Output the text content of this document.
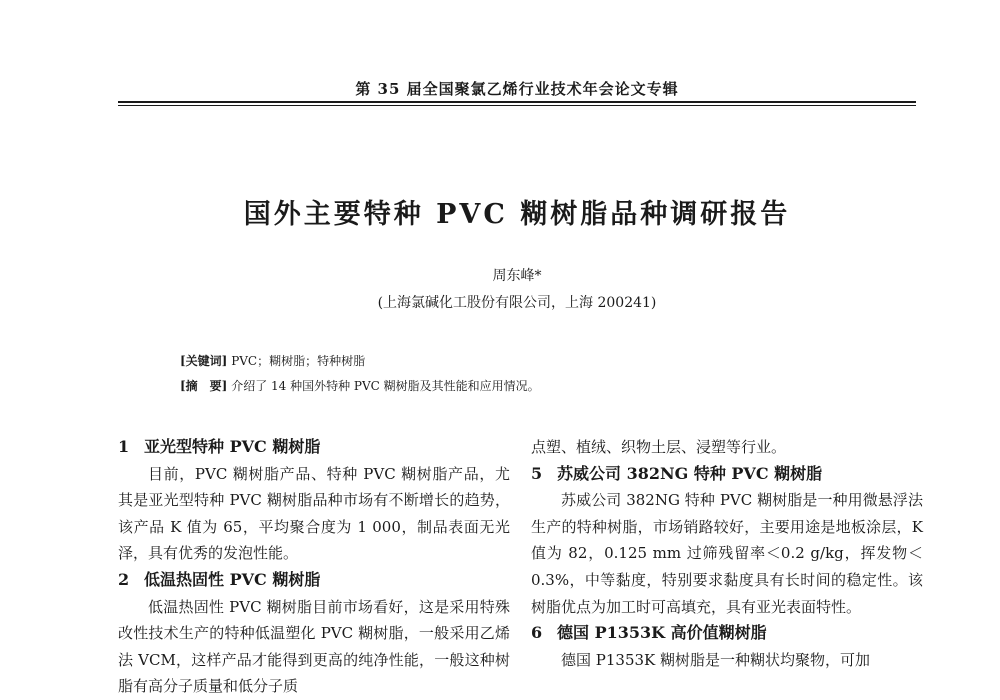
第 35 届全国聚氯乙烯行业技术年会论文专辑
国外主要特种 PVC 糊树脂品种调研报告
周东峰*
(上海氯碱化工股份有限公司，上海 200241)
[关键词] PVC；糊树脂；特种树脂
[摘　要] 介绍了 14 种国外特种 PVC 糊树脂及其性能和应用情况。
1 亚光型特种 PVC 糊树脂

目前，PVC 糊树脂产品、特种 PVC 糊树脂产品，尤其是亚光型特种 PVC 糊树脂品种市场有不断增长的趋势，该产品 K 值为 65，平均聚合度为 1 000，制品表面无光泽，具有优秀的发泡性能。

2 低温热固性 PVC 糊树脂

低温热固性 PVC 糊树脂目前市场看好，这是采用特殊改性技术生产的特种低温塑化 PVC 糊树脂，一般采用乙烯法 VCM，这样产品才能得到更高的纯净性能，一般这种树脂有高分子质量和低分子质

点塑、植绒、织物土层、浸塑等行业。

5 苏威公司 382NG 特种 PVC 糊树脂

苏威公司 382NG 特种 PVC 糊树脂是一种用微悬浮法生产的特种树脂，市场销路较好，主要用途是地板涂层，K 值为 82，0.125 mm 过筛残留率＜0.2 g/kg，挥发物＜0.3%，中等黏度，特别要求黏度具有长时间的稳定性。该树脂优点为加工时可高填充，具有亚光表面特性。

6 德国 P1353K 高价值糊树脂

德国 P1353K 糊树脂是一种糊状均聚物，可加
